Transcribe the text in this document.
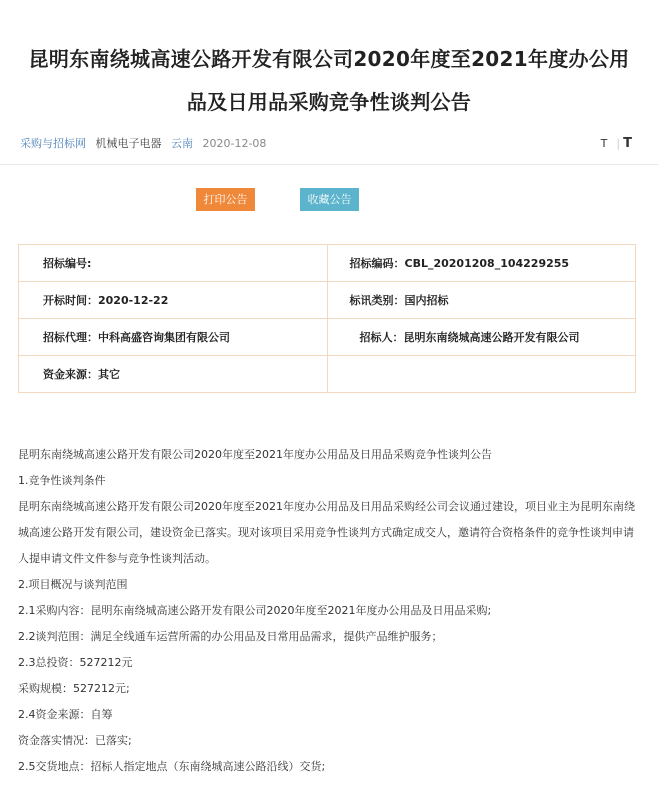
昆明东南绕城高速公路开发有限公司2020年度至2021年度办公用
品及日用品采购竞争性谈判公告
采购与招标网 机械电子电器 云南 2020-12-08	T | T
打印公告	收藏公告
招标编号:	招标编码：CBL_20201208_104229255
开标时间：2020-12-22	标讯类别：国内招标
招标代理：中科高盛咨询集团有限公司	招标人：昆明东南绕城高速公路开发有限公司
资金来源：其它	

昆明东南绕城高速公路开发有限公司2020年度至2021年度办公用品及日用品采购竞争性谈判公告

1.竞争性谈判条件

昆明东南绕城高速公路开发有限公司2020年度至2021年度办公用品及日用品采购经公司会议通过建设，项目业主为昆明东南绕城高速公路开发有限公司，建设资金已落实。现对该项目采用竞争性谈判方式确定成交人，邀请符合资格条件的竞争性谈判申请人提申请文件文件参与竞争性谈判活动。

2.项目概况与谈判范围

2.1采购内容：昆明东南绕城高速公路开发有限公司2020年度至2021年度办公用品及日用品采购;

2.2谈判范围：满足全线通车运营所需的办公用品及日常用品需求，提供产品维护服务；

2.3总投资：527212元

采购规模：527212元;

2.4资金来源：自筹

资金落实情况：已落实;

2.5交货地点：招标人指定地点（东南绕城高速公路沿线）交货;
